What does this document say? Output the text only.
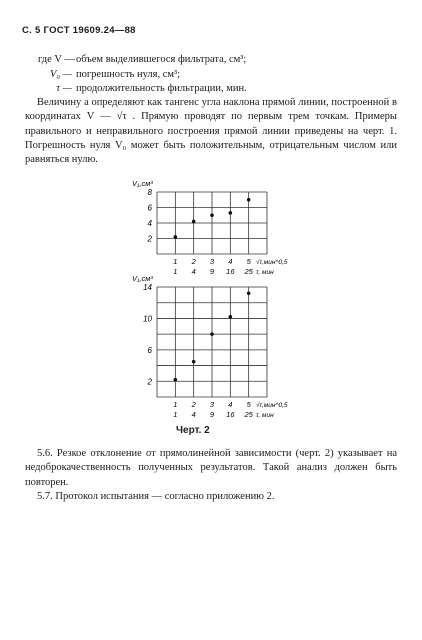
С. 5 ГОСТ 19609.24—88
где V —объем выделившегося фильтрата, см³;
V₀ — погрешность нуля, см³;
τ — продолжительность фильтрации, мин.
Величину a определяют как тангенс угла наклона прямой линии, построенной в координатах V — √τ . Прямую проводят по первым трем точкам. Примеры правильного и неправильного построения прямой линии приведены на черт. 1. Погрешность нуля V₀ может быть положительным, отрицательным числом или равняться нулю.
V₁,см³
2
4
6
8
1 2 3 4 5 √τ,мин^0,5
1 4 9 16 25 τ, мин
V₁,см³
2
6
10
14
1 2 3 4 5 √τ,мин^0,5
1 4 9 16 25 τ, мин
Черт. 2
5.6. Резкое отклонение от прямолинейной зависимости (черт. 2) указывает на недоброкачественность полученных результатов. Такой анализ должен быть повторен.
5.7. Протокол испытания — согласно приложению 2.
